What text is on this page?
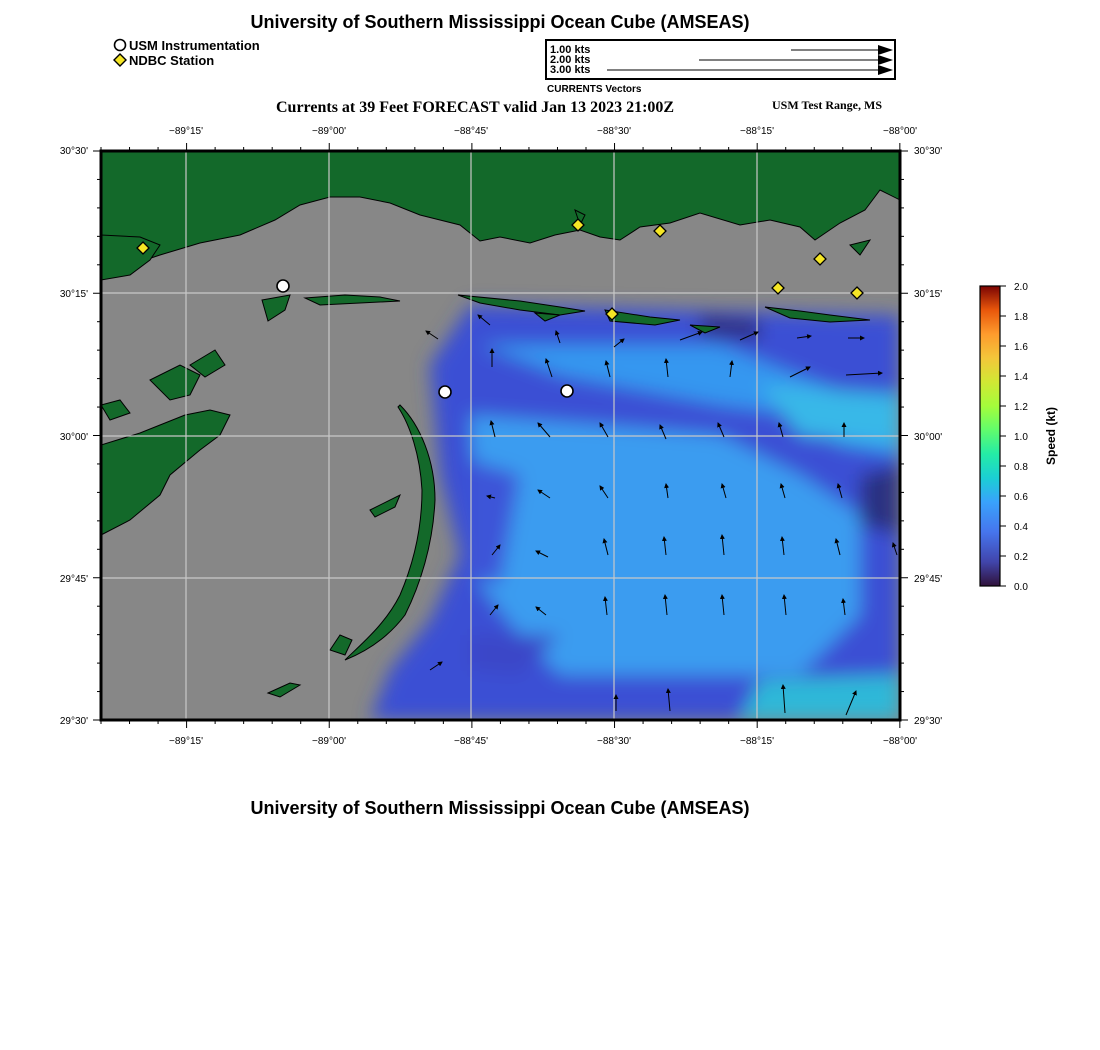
University of Southern Mississippi Ocean Cube (AMSEAS)
USM Instrumentation
NDBC Station
1.00 kts
2.00 kts
3.00 kts
CURRENTS Vectors
Currents at 39 Feet FORECAST valid Jan 13 2023 21:00Z	USM Test Range, MS
−89°15'	−89°00'	−88°45'	−88°30'	−88°15'	−88°00'
−89°15'	−89°00'	−88°45'	−88°30'	−88°15'	−88°00'
30°30'
30°15'
30°00'
29°45'
29°30'
30°30'
30°15'
30°00'
29°45'
29°30'
2.0
1.8
1.6
1.4
1.2
1.0
0.8
0.6
0.4
0.2
0.0
Speed (kt)
University of Southern Mississippi Ocean Cube (AMSEAS)
